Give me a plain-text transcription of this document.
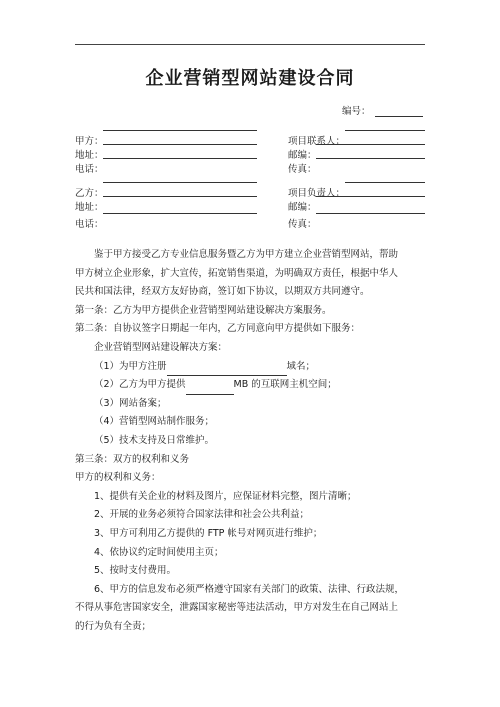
企业营销型网站建设合同
编号：
甲方：
地址：
电话：
项目联系人：
邮编：
传真：
乙方：
地址：
电话：
项目负责人：
邮编：
传真：

鉴于甲方接受乙方专业信息服务暨乙方为甲方建立企业营销型网站，帮助

甲方树立企业形象，扩大宣传，拓宽销售渠道，为明确双方责任，根据中华人

民共和国法律，经双方友好协商，签订如下协议，以期双方共同遵守。

第一条：乙方为甲方提供企业营销型网站建设解决方案服务。

第二条：自协议签字日期起一年内，乙方同意向甲方提供如下服务：

企业营销型网站建设解决方案：

（1）为甲方注册	域名；

（2）乙方为甲方提供	MB 的互联网主机空间；

（3）网站备案；

（4）营销型网站制作服务；

（5）技术支持及日常维护。

第三条：双方的权利和义务

甲方的权利和义务：

1、提供有关企业的材料及图片，应保证材料完整，图片清晰；

2、开展的业务必须符合国家法律和社会公共利益；

3、甲方可利用乙方提供的 FTP 帐号对网页进行维护；

4、依协议约定时间使用主页；

5、按时支付费用。

6、甲方的信息发布必须严格遵守国家有关部门的政策、法律、行政法规，

不得从事危害国家安全，泄露国家秘密等违法活动，甲方对发生在自己网站上

的行为负有全责；
